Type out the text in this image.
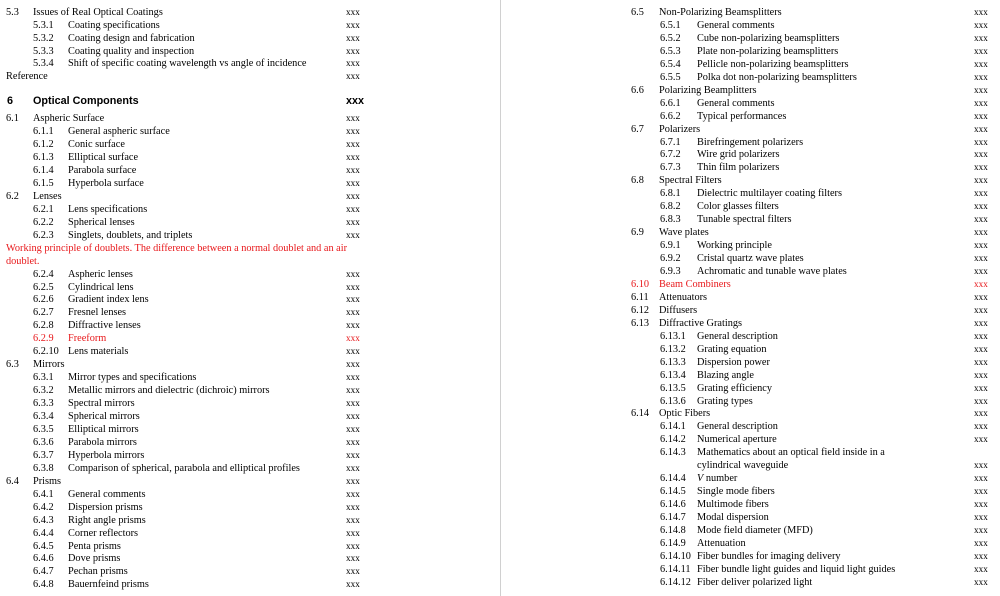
5.3 Issues of Real Optical Coatings	xxx
5.3.1 Coating specifications	xxx
5.3.2 Coating design and fabrication	xxx
5.3.3 Coating quality and inspection	xxx
5.3.4 Shift of specific coating wavelength vs angle of incidence	xxx
Reference	xxx
6 Optical Components	xxx
6.1 Aspheric Surface	xxx
6.1.1 General aspheric surface	xxx
6.1.2 Conic surface	xxx
6.1.3 Elliptical surface	xxx
6.1.4 Parabola surface	xxx
6.1.5 Hyperbola surface	xxx
6.2 Lenses	xxx
6.2.1 Lens specifications	xxx
6.2.2 Spherical lenses	xxx
6.2.3 Singlets, doublets, and triplets	xxx
Working principle of doublets. The difference between a normal doublet and an air doublet.
6.2.4 Aspheric lenses	xxx
6.2.5 Cylindrical lens	xxx
6.2.6 Gradient index lens	xxx
6.2.7 Fresnel lenses	xxx
6.2.8 Diffractive lenses	xxx
6.2.9 Freeform	xxx
6.2.10 Lens materials	xxx
6.3 Mirrors	xxx
6.3.1 Mirror types and specifications	xxx
6.3.2 Metallic mirrors and dielectric (dichroic) mirrors	xxx
6.3.3 Spectral mirrors	xxx
6.3.4 Spherical mirrors	xxx
6.3.5 Elliptical mirrors	xxx
6.3.6 Parabola mirrors	xxx
6.3.7 Hyperbola mirrors	xxx
6.3.8 Comparison of spherical, parabola and elliptical profiles	xxx
6.4 Prisms	xxx
6.4.1 General comments	xxx
6.4.2 Dispersion prisms	xxx
6.4.3 Right angle prisms	xxx
6.4.4 Corner reflectors	xxx
6.4.5 Penta prisms	xxx
6.4.6 Dove prisms	xxx
6.4.7 Pechan prisms	xxx
6.4.8 Bauernfeind prisms	xxx
6.5 Non-Polarizing Beamsplitters	xxx
6.5.1 General comments	xxx
6.5.2 Cube non-polarizing beamsplitters	xxx
6.5.3 Plate non-polarizing beamsplitters	xxx
6.5.4 Pellicle non-polarizing beamsplitters	xxx
6.5.5 Polka dot non-polarizing beamsplitters	xxx
6.6 Polarizing Beamplitters	xxx
6.6.1 General comments	xxx
6.6.2 Typical performances	xxx
6.7 Polarizers	xxx
6.7.1 Birefringement polarizers	xxx
6.7.2 Wire grid polarizers	xxx
6.7.3 Thin film polarizers	xxx
6.8 Spectral Filters	xxx
6.8.1 Dielectric multilayer coating filters	xxx
6.8.2 Color glasses filters	xxx
6.8.3 Tunable spectral filters	xxx
6.9 Wave plates	xxx
6.9.1 Working principle	xxx
6.9.2 Cristal quartz wave plates	xxx
6.9.3 Achromatic and tunable wave plates	xxx
6.10 Beam Combiners	xxx
6.11 Attenuators	xxx
6.12 Diffusers	xxx
6.13 Diffractive Gratings	xxx
6.13.1 General description	xxx
6.13.2 Grating equation	xxx
6.13.3 Dispersion power	xxx
6.13.4 Blazing angle	xxx
6.13.5 Grating efficiency	xxx
6.13.6 Grating types	xxx
6.14 Optic Fibers	xxx
6.14.1 General description	xxx
6.14.2 Numerical aperture	xxx
6.14.3 Mathematics about an optical field inside in a
cylindrical waveguide	xxx
6.14.4 V number	xxx
6.14.5 Single mode fibers	xxx
6.14.6 Multimode fibers	xxx
6.14.7 Modal dispersion	xxx
6.14.8 Mode field diameter (MFD)	xxx
6.14.9 Attenuation	xxx
6.14.10 Fiber bundles for imaging delivery	xxx
6.14.11 Fiber bundle light guides and liquid light guides	xxx
6.14.12 Fiber deliver polarized light	xxx
